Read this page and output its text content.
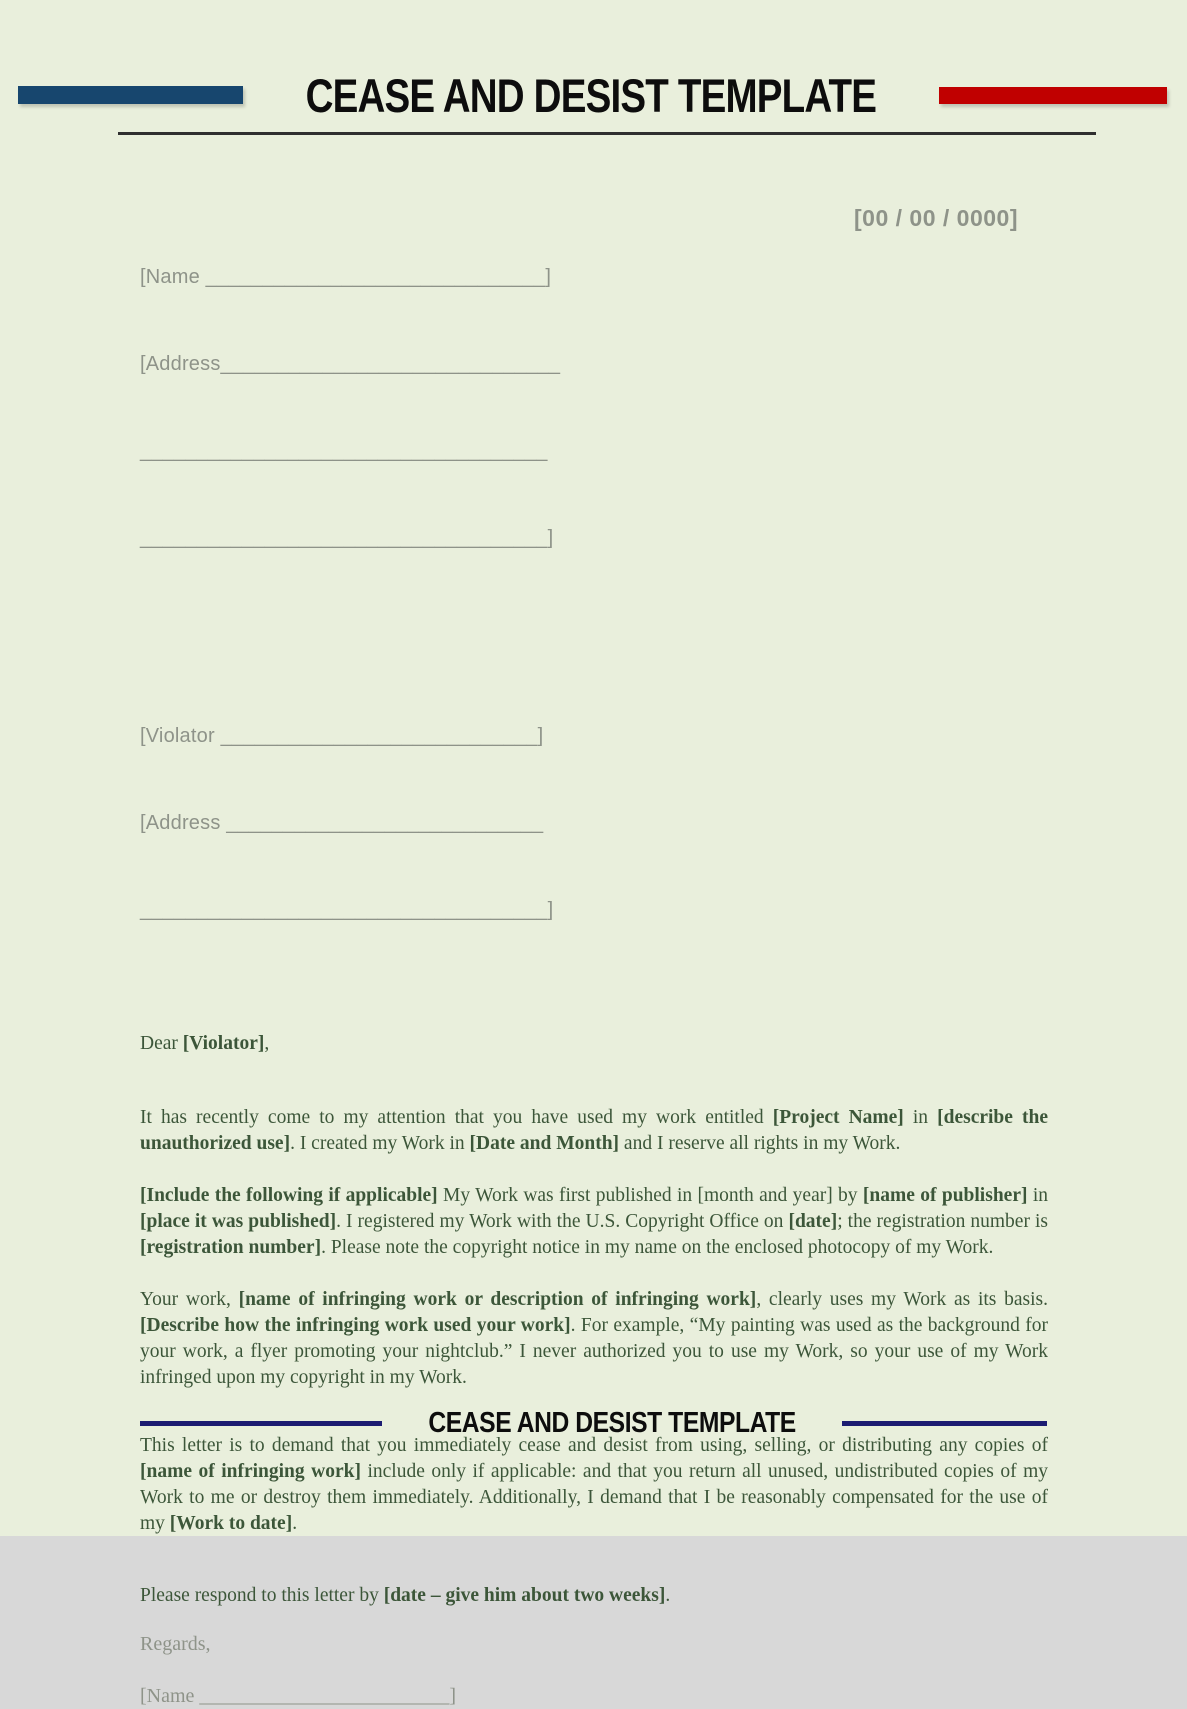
CEASE AND DESIST TEMPLATE

[Name ______________________________]

[Address______________________________

____________________________________

____________________________________]

[00 / 00 / 0000]

[Violator ____________________________]

[Address ____________________________

____________________________________]

Dear [Violator],

It has recently come to my attention that you have used my work entitled [Project Name] in [describe the unauthorized use]. I created my Work in [Date and Month] and I reserve all rights in my Work.

[Include the following if applicable] My Work was first published in [month and year] by [name of publisher] in [place it was published]. I registered my Work with the U.S. Copyright Office on [date]; the registration number is [registration number]. Please note the copyright notice in my name on the enclosed photocopy of my Work.

Your work, [name of infringing work or description of infringing work], clearly uses my Work as its basis. [Describe how the infringing work used your work]. For example, “My painting was used as the background for your work, a flyer promoting your nightclub.” I never authorized you to use my Work, so your use of my Work infringed upon my copyright in my Work.

This letter is to demand that you immediately cease and desist from using, selling, or distributing any copies of [name of infringing work] include only if applicable: and that you return all unused, undistributed copies of my Work to me or destroy them immediately. Additionally, I demand that I be reasonably compensated for the use of my [Work to date].

Please respond to this letter by [date – give him about two weeks].

Regards,

[Name _________________________]

CEASE AND DESIST TEMPLATE
